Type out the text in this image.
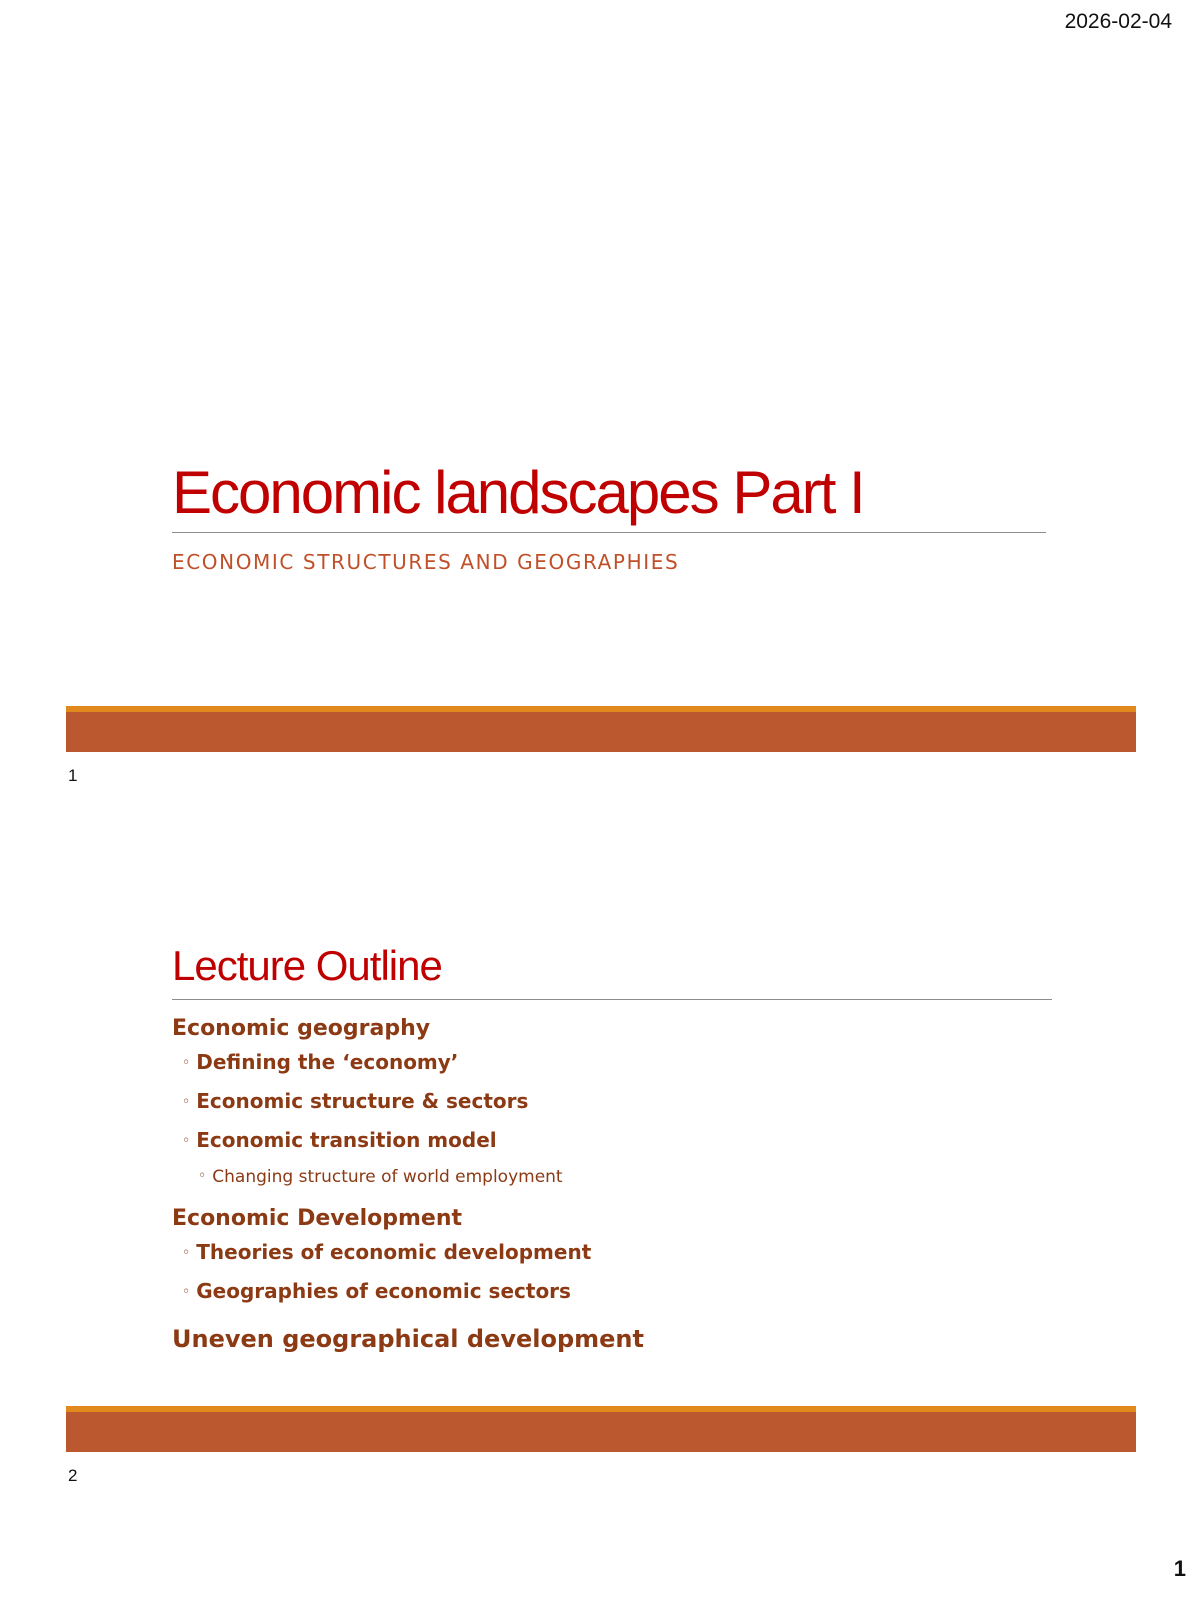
2026-02-04
Economic landscapes Part I
ECONOMIC STRUCTURES AND GEOGRAPHIES
1
Lecture Outline
Economic geography
◦ Defining the ‘economy’
◦ Economic structure & sectors
◦ Economic transition model
◦ Changing structure of world employment
Economic Development
◦ Theories of economic development
◦ Geographies of economic sectors
Uneven geographical development
2
1
